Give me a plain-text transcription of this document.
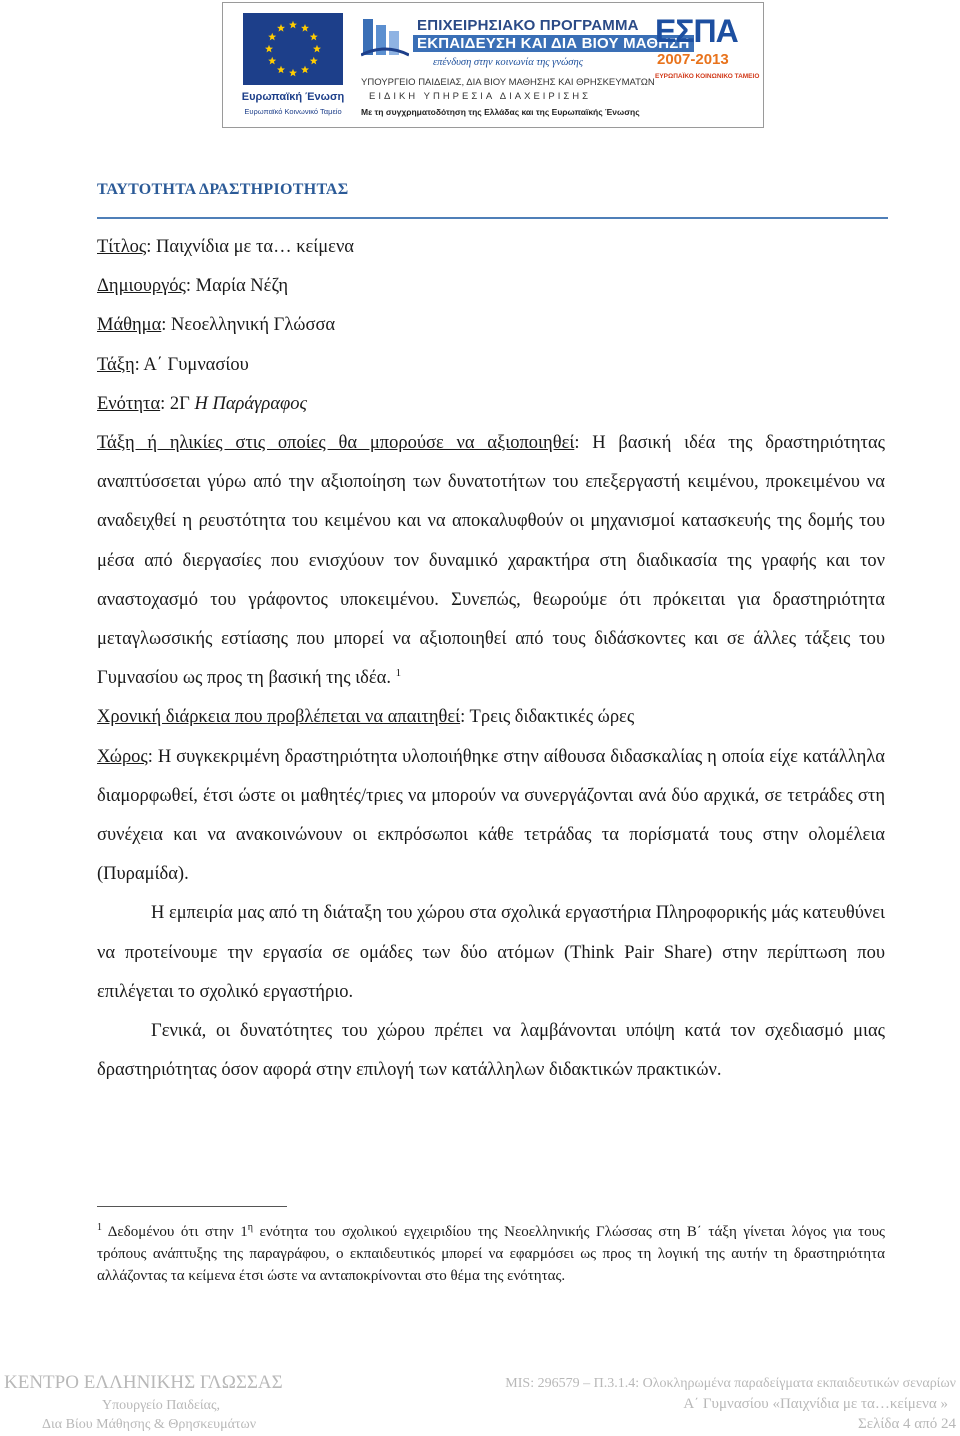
Ευρωπαϊκή Ένωση
Ευρωπαϊκό Κοινωνικό Ταμείο
ΕΠΙΧΕΙΡΗΣΙΑΚΟ ΠΡΟΓΡΑΜΜΑ
ΕΚΠΑΙΔΕΥΣΗ ΚΑΙ ΔΙΑ ΒΙΟΥ ΜΑΘΗΣΗ
επένδυση στην κοινωνία της γνώσης
ΥΠΟΥΡΓΕΙΟ ΠΑΙΔΕΙΑΣ, ΔΙΑ ΒΙΟΥ ΜΑΘΗΣΗΣ ΚΑΙ ΘΡΗΣΚΕΥΜΑΤΩΝ
ΕΙΔΙΚΗ ΥΠΗΡΕΣΙΑ ΔΙΑΧΕΙΡΙΣΗΣ
Με τη συγχρηματοδότηση της Ελλάδας και της Ευρωπαϊκής Ένωσης
ΕΣΠΑ
2007-2013
ΕΥΡΩΠΑΪΚΟ ΚΟΙΝΩΝΙΚΟ ΤΑΜΕΙΟ
ΤΑΥΤΟΤΗΤΑ ΔΡΑΣΤΗΡΙΟΤΗΤΑΣ

Τίτλος: Παιχνίδια με τα… κείμενα

Δημιουργός: Μαρία Νέζη

Μάθημα: Νεοελληνική Γλώσσα

Τάξη: Α΄ Γυμνασίου

Ενότητα: 2Γ Η Παράγραφος

Τάξη ή ηλικίες στις οποίες θα μπορούσε να αξιοποιηθεί: Η βασική ιδέα της δραστηριότητας αναπτύσσεται γύρω από την αξιοποίηση των δυνατοτήτων του επεξεργαστή κειμένου, προκειμένου να αναδειχθεί η ρευστότητα του κειμένου και να αποκαλυφθούν οι μηχανισμοί κατασκευής της δομής του μέσα από διεργασίες που ενισχύουν τον δυναμικό χαρακτήρα στη διαδικασία της γραφής και τον αναστοχασμό του γράφοντος υποκειμένου. Συνεπώς, θεωρούμε ότι πρόκειται για δραστηριότητα μεταγλωσσικής εστίασης που μπορεί να αξιοποιηθεί από τους διδάσκοντες και σε άλλες τάξεις του Γυμνασίου ως προς τη βασική της ιδέα. $^1$

Χρονική διάρκεια που προβλέπεται να απαιτηθεί: Τρεις διδακτικές ώρες

Χώρος: Η συγκεκριμένη δραστηριότητα υλοποιήθηκε στην αίθουσα διδασκαλίας η οποία είχε κατάλληλα διαμορφωθεί, έτσι ώστε οι μαθητές/τριες να μπορούν να συνεργάζονται ανά δύο αρχικά, σε τετράδες στη συνέχεια και να ανακοινώνουν οι εκπρόσωποι κάθε τετράδας τα πορίσματά τους στην ολομέλεια (Πυραμίδα).

Η εμπειρία μας από τη διάταξη του χώρου στα σχολικά εργαστήρια Πληροφορικής μάς κατευθύνει να προτείνουμε την εργασία σε ομάδες των δύο ατόμων (Think Pair Share) στην περίπτωση που επιλέγεται το σχολικό εργαστήριο.

Γενικά, οι δυνατότητες του χώρου πρέπει να λαμβάνονται υπόψη κατά τον σχεδιασμό μιας δραστηριότητας όσον αφορά στην επιλογή των κατάλληλων διδακτικών πρακτικών.

$^1$ Δεδομένου ότι στην $1^\eta$ ενότητα του σχολικού εγχειριδίου της Νεοελληνικής Γλώσσας στη Β΄ τάξη γίνεται λόγος για τους τρόπους ανάπτυξης της παραγράφου, ο εκπαιδευτικός μπορεί να εφαρμόσει ως προς τη λογική της αυτήν τη δραστηριότητα αλλάζοντας τα κείμενα έτσι ώστε να ανταποκρίνονται στο θέμα της ενότητας.
ΚΕΝΤΡΟ ΕΛΛΗΝΙΚΗΣ ΓΛΩΣΣΑΣ
Υπουργείο Παιδείας,
Δια Βίου Μάθησης & Θρησκευμάτων
MIS: 296579 – Π.3.1.4: Ολοκληρωμένα παραδείγματα εκπαιδευτικών σεναρίων
Α΄ Γυμνασίου «Παιχνίδια με τα…κείμενα »
Σελίδα 4 από 24
